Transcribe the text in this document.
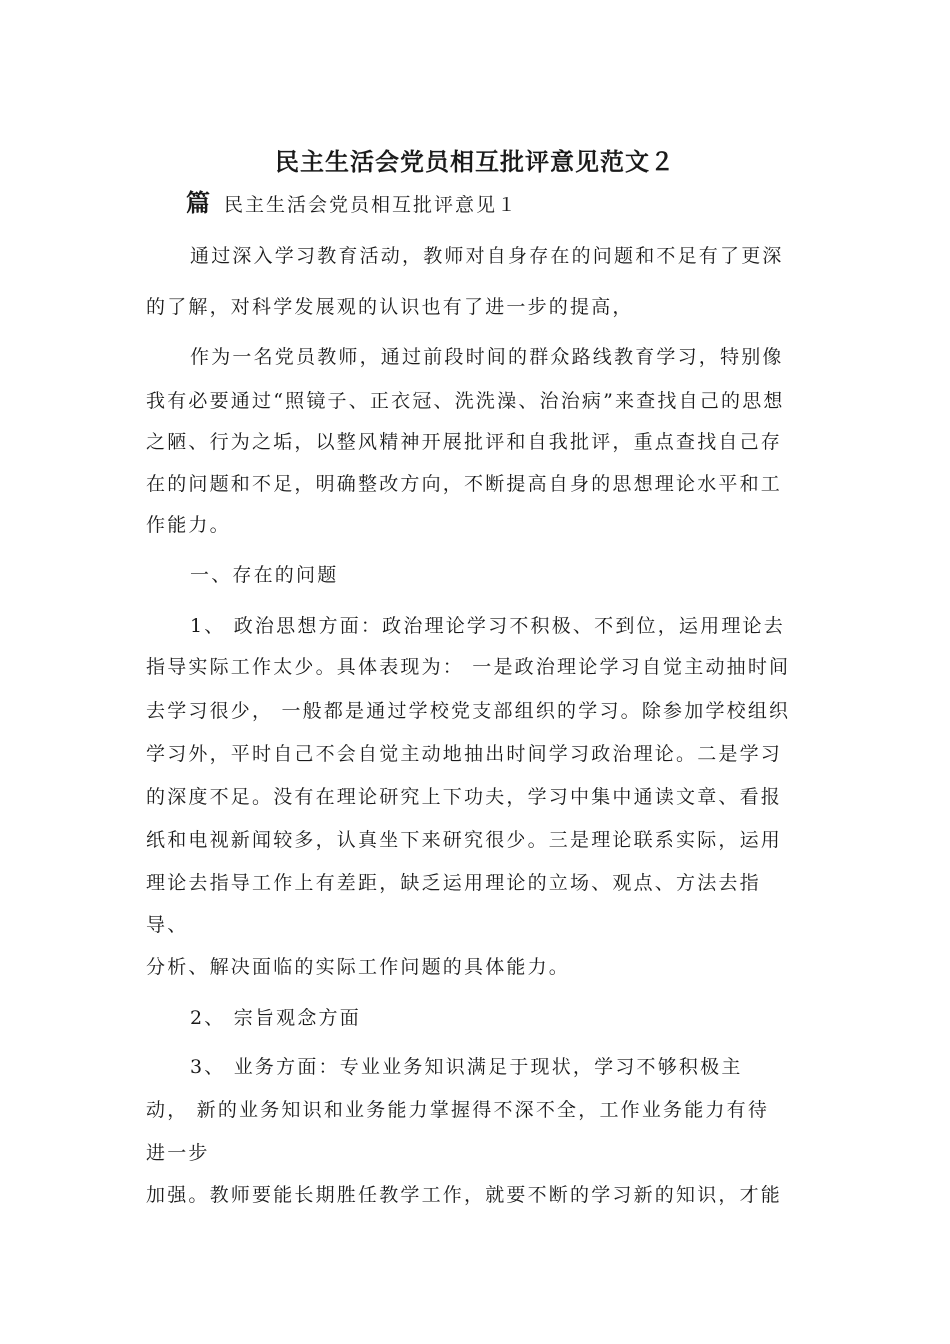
民主生活会党员相互批评意见范文２
篇 民主生活会党员相互批评意见１
通过深入学习教育活动，教师对自身存在的问题和不足有了更深
的了解，对科学发展观的认识也有了进一步的提高，
作为一名党员教师，通过前段时间的群众路线教育学习，特别像
我有必要通过“照镜子、正衣冠、洗洗澡、治治病”来查找自己的思想
之陋、行为之垢，以整风精神开展批评和自我批评，重点查找自己存
在的问题和不足，明确整改方向，不断提高自身的思想理论水平和工
作能力。
一、存在的问题
1、 政治思想方面：政治理论学习不积极、不到位，运用理论去
指导实际工作太少。具体表现为： 一是政治理论学习自觉主动抽时间
去学习很少， 一般都是通过学校党支部组织的学习。除参加学校组织
学习外，平时自己不会自觉主动地抽出时间学习政治理论。二是学习
的深度不足。没有在理论研究上下功夫，学习中集中通读文章、看报
纸和电视新闻较多，认真坐下来研究很少。三是理论联系实际，运用
理论去指导工作上有差距，缺乏运用理论的立场、观点、方法去指
导、
分析、解决面临的实际工作问题的具体能力。
2、 宗旨观念方面
3、 业务方面：专业业务知识满足于现状，学习不够积极主
动， 新的业务知识和业务能力掌握得不深不全，工作业务能力有待
进一步
加强。教师要能长期胜任教学工作，就要不断的学习新的知识，才能
